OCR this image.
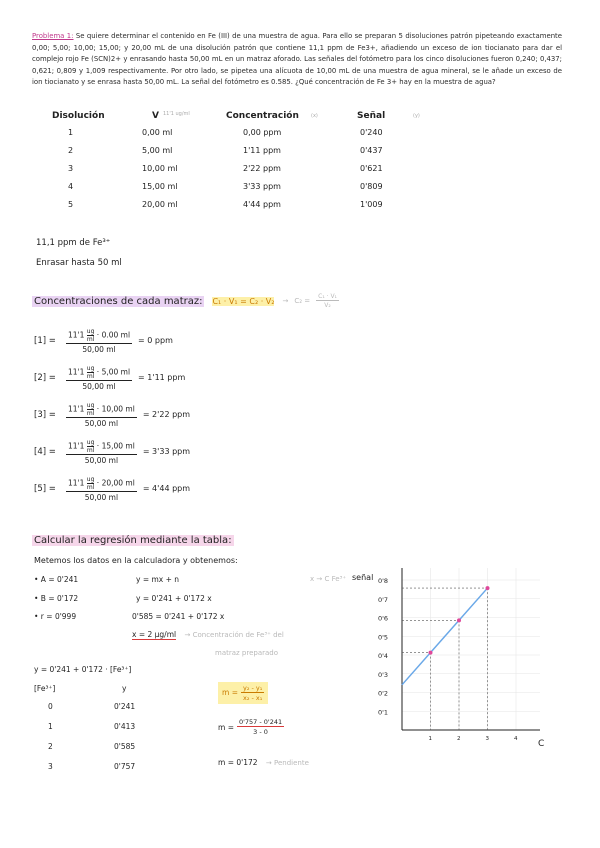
Problema 1: Se quiere determinar el contenido en Fe (III) de una muestra de agua. Para ello se preparan 5 disoluciones patrón pipeteando exactamente 0,00; 5,00; 10,00; 15,00; y 20,00 mL de una disolución patrón que contiene 11,1 ppm de Fe3+, añadiendo un exceso de ion tiocianato para dar el complejo rojo Fe (SCN)2+ y enrasando hasta 50,00 mL en un matraz aforado. Las señales del fotómetro para los cinco disoluciones fueron 0,240; 0,437; 0,621; 0,809 y 1,009 respectivamente. Por otro lado, se pipetea una alícuota de 10,00 mL de una muestra de agua mineral, se le añade un exceso de ion tiocianato y se enrasa hasta 50,00 mL. La señal del fotómetro es 0.585. ¿Qué concentración de Fe 3+ hay en la muestra de agua?
Disolución	V 11'1 ug/ml	Concentración (x)	Señal	(y)
1	0,00 ml	0,00 ppm	0'240
2	5,00 ml	1'11 ppm	0'437
3	10,00 ml	2'22 ppm	0'621
4	15,00 ml	3'33 ppm	0'809
5	20,00 ml	4'44 ppm	1'009
11,1 ppm de Fe³⁺
Enrasar hasta 50 ml
Concentraciones de cada matraz: $C_1 \cdot V_1 = C_2 \cdot V_2 \to C_2 = \frac{\text{C₁ · V₁}}{\text{V₂}}$
[1] =	$\frac{11'1 \frac{ug}{ml} \cdot 0.00 ml}{50,00 ml} = 0$ ppm
[2] =	$\frac{11'1 \frac{ug}{ml} \cdot 5,00 ml}{50,00 ml} = 1'11$ ppm
[3] =	$\frac{11'1 \frac{ug}{ml} \cdot 10,00 ml}{50,00 ml} = 2'22$ ppm
[4] =	$\frac{11'1 \frac{ug}{ml} \cdot 15,00 ml}{50,00 ml} = 3'33$ ppm
[5] =	$\frac{11'1 \frac{ug}{ml} \cdot 20,00 ml}{50,00 ml} = 4'44$ ppm
Calcular la regresión mediante la tabla:
Metemos los datos en la calculadora y obtenemos:
• A = 0'241
• B = 0'172
• r = 0'999
y = mx + n	x → C Fe³⁺
y = 0'241 + 0'172 x
0'585 = 0'241 + 0'172 x
x = 2 µg/ml → Concentración de Fe³⁺ del
matraz preparado
y = 0'241 + 0'172 · [Fe³⁺]
[Fe³⁺]	y
0	0'241
1	0'413
2	0'585
3	0'757
$m = \frac{\text{y₂ - y₁}}{\text{x₂ - x₁}}$
$m = \frac{0'757 - 0'241}{3 - 0}$
m = 0'172 → Pendiente
0'8
0'7
0'6
0'5
0'4
0'3
0'2
0'1
1	2	3	4
señal
C
